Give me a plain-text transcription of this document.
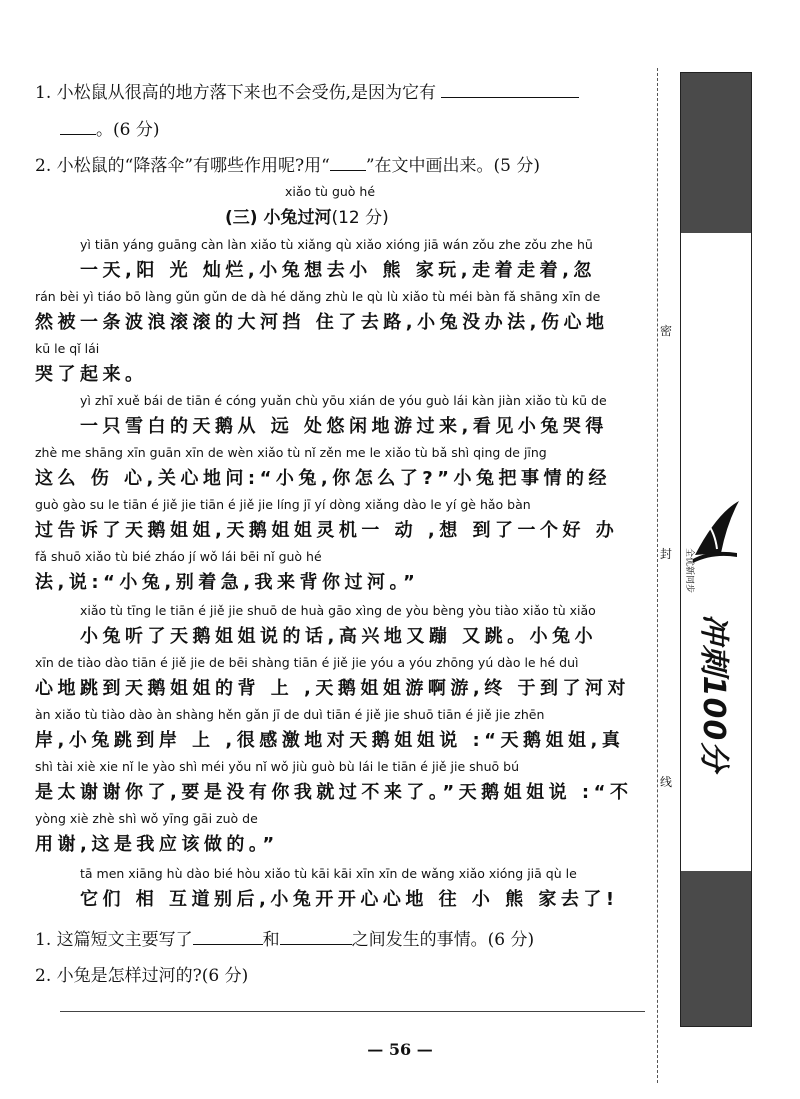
1. 小松鼠从很高的地方落下来也不会受伤,是因为它有
。(6 分)
2. 小松鼠的“降落伞”有哪些作用呢?用“ ”在文中画出来。(5 分)
xiǎo tù guò hé
(三) 小兔过河(12 分)
yì tiān yáng guāng càn làn xiǎo tù xiǎng qù xiǎo xióng jiā wán zǒu zhe zǒu zhe hū
一天,阳 光 灿烂,小兔想去小 熊 家玩,走着走着,忽
rán bèi yì tiáo bō làng gǔn gǔn de dà hé dǎng zhù le qù lù xiǎo tù méi bàn fǎ shāng xīn de
然被一条波浪滚滚的大河挡 住了去路,小兔没办法,伤心地
kū le qǐ lái
哭了起来。
yì zhī xuě bái de tiān é cóng yuǎn chù yōu xián de yóu guò lái kàn jiàn xiǎo tù kū de
一只雪白的天鹅从 远 处悠闲地游过来,看见小兔哭得
zhè me shāng xīn guān xīn de wèn xiǎo tù nǐ zěn me le xiǎo tù bǎ shì qing de jīng
这么 伤 心,关心地问:“小兔,你怎么了?”小兔把事情的经
guò gào su le tiān é jiě jie tiān é jiě jie líng jī yí dòng xiǎng dào le yí gè hǎo bàn
过告诉了天鹅姐姐,天鹅姐姐灵机一 动 ,想 到了一个好 办
fǎ shuō xiǎo tù bié zháo jí wǒ lái bēi nǐ guò hé
法,说:“小兔,别着急,我来背你过河。”
xiǎo tù tīng le tiān é jiě jie shuō de huà gāo xìng de yòu bèng yòu tiào xiǎo tù xiǎo
小兔听了天鹅姐姐说的话,高兴地又蹦 又跳。小兔小
xīn de tiào dào tiān é jiě jie de bēi shàng tiān é jiě jie yóu a yóu zhōng yú dào le hé duì
心地跳到天鹅姐姐的背 上 ,天鹅姐姐游啊游,终 于到了河对
àn xiǎo tù tiào dào àn shàng hěn gǎn jī de duì tiān é jiě jie shuō tiān é jiě jie zhēn
岸,小兔跳到岸 上 ,很感激地对天鹅姐姐说 :“天鹅姐姐,真
shì tài xiè xie nǐ le yào shì méi yǒu nǐ wǒ jiù guò bù lái le tiān é jiě jie shuō bú
是太谢谢你了,要是没有你我就过不来了。”天鹅姐姐说 :“不
yòng xiè zhè shì wǒ yīng gāi zuò de
用谢,这是我应该做的。”
tā men xiāng hù dào bié hòu xiǎo tù kāi kāi xīn xīn de wǎng xiǎo xióng jiā qù le
它们 相 互道别后,小兔开开心心地 往 小 熊 家去了!
1. 这篇短文主要写了	和	之间发生的事情。(6 分)
2. 小兔是怎样过河的?(6 分)
— 56 —
密
封
线
全优新同步
冲刺100分
